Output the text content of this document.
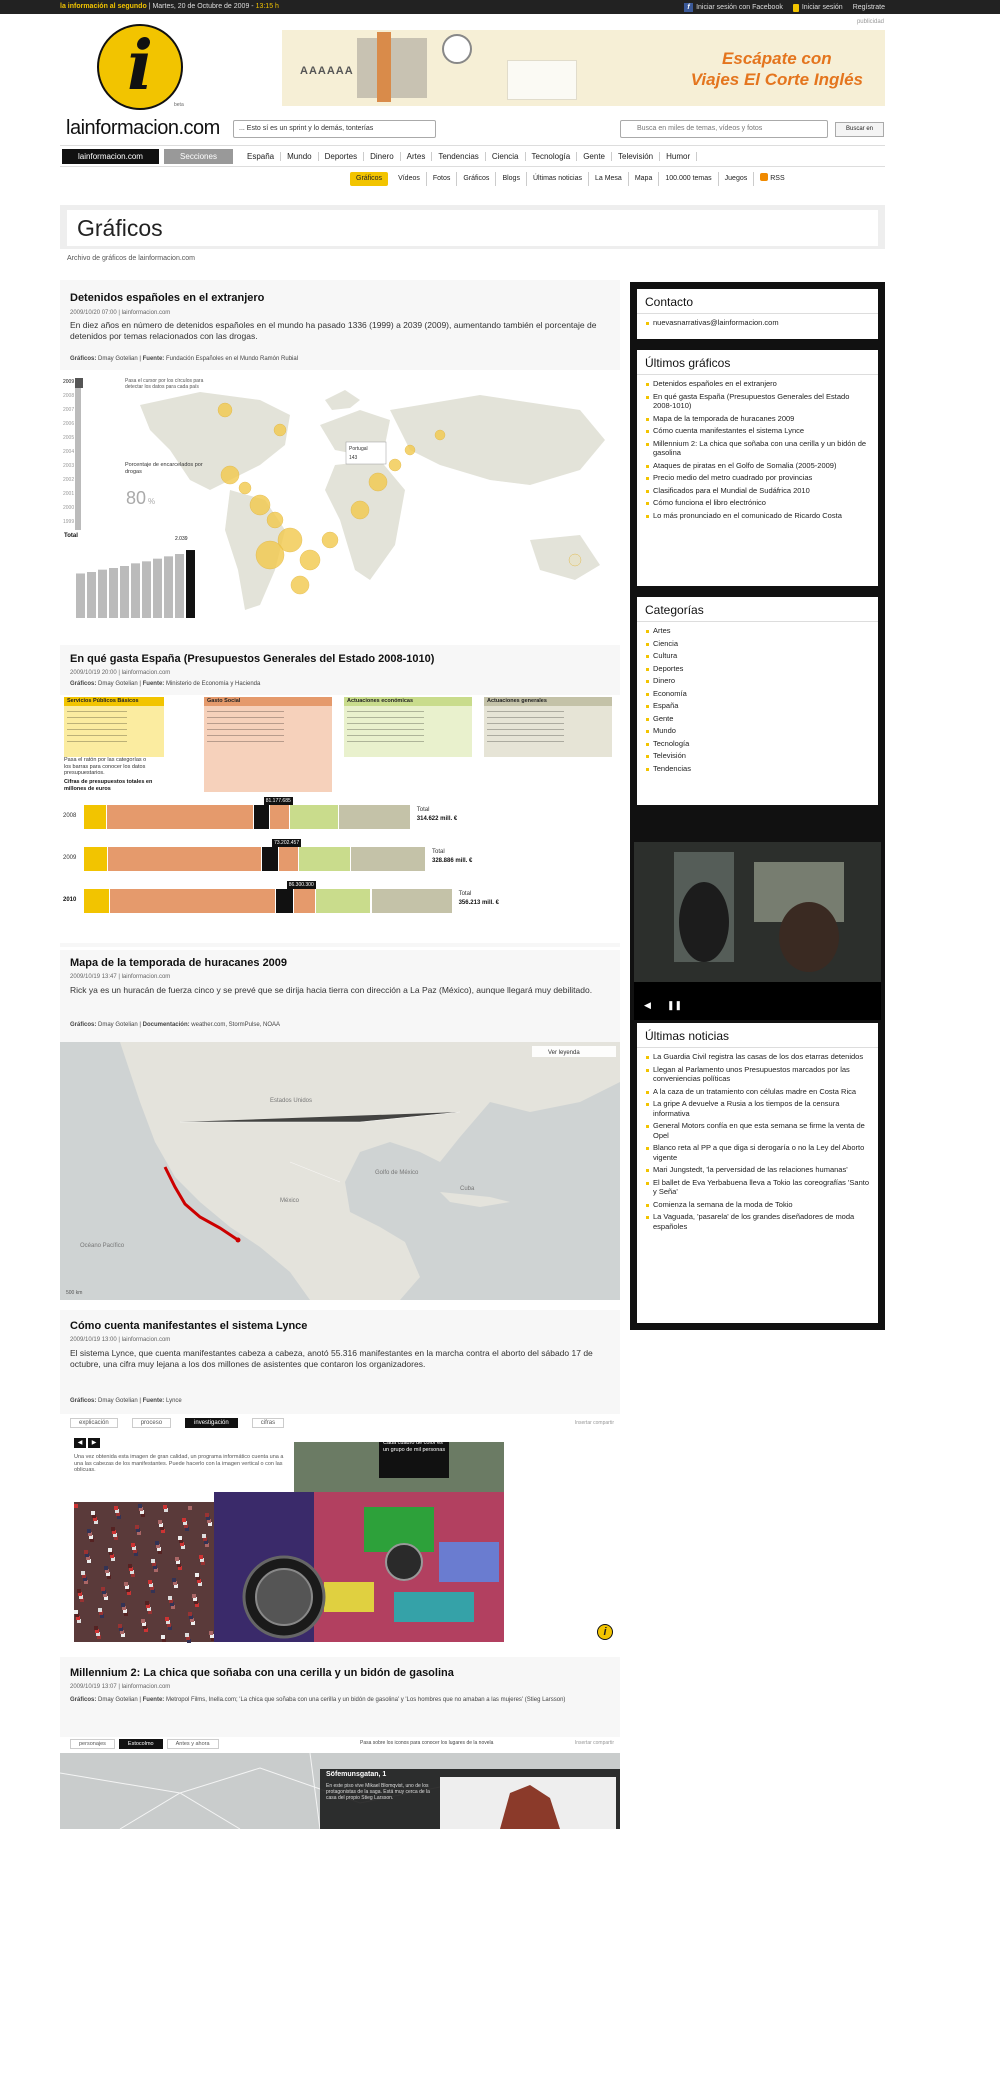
la información al segundo | Martes, 20 de Octubre de 2009 - 13:15 h	f Iniciar sesión con Facebook	Iniciar sesión Regístrate
publicidad
i	beta
AAAAAA
Escápate con
Viajes El Corte Inglés
lainformacion.com	... Esto sí es un sprint y lo demás, tonterías	Busca en miles de temas, vídeos y fotos	Buscar en
lainformacion.com	Secciones	España	Mundo	Deportes	Dinero	Artes	Tendencias	Ciencia	Tecnología	Gente	Televisión	Humor
Gráficos	Vídeos	Fotos	Gráficos	Blogs	Últimas noticias	La Mesa	Mapa	100.000 temas	Juegos	RSS
Gráficos
Archivo de gráficos de lainformacion.com
Detenidos españoles en el extranjero
2009/10/20 07:00 | lainformacion.com
En diez años en número de detenidos españoles en el mundo ha pasado 1336 (1999) a 2039 (2009), aumentando también el porcentaje de detenidos por temas relacionados con las drogas.
Gráficos: Dmay Gotelian | Fuente: Fundación Españoles en el Mundo Ramón Rubial
2009
2008
2007
2006
2005
2004
2003
2002
2001
2000
1999
Pasa el cursor por los círculos para detectar los datos para cada país
Porcentaje de encarcelados por drogas
80 %
Total	2.039
Portugal
143
En qué gasta España (Presupuestos Generales del Estado 2008-1010)
2009/10/19 20:00 | lainformacion.com
Gráficos: Dmay Gotelian | Fuente: Ministerio de Economía y Hacienda
Servicios Públicos Básicos	Gasto Social	Actuaciones económicas	Actuaciones generales
Pasa el ratón por las categorías o los barras para conocer los datos presupuestarios.
Cifras de presupuestos totales en millones de euros
2008
81.177.685
Total
314.622 mill. €
2009
73.202.457
Total
328.886 mill. €
2010
86.300.300
Total
356.213 mill. €
Mapa de la temporada de huracanes 2009
2009/10/19 13:47 | lainformacion.com
Rick ya es un huracán de fuerza cinco y se prevé que se dirija hacia tierra con dirección a La Paz (México), aunque llegará muy debilitado.
Gráficos: Dmay Gotelian | Documentación: weather.com, StormPulse, NOAA
Ver leyenda
Golfo de México
Océano Pacífico
Estados Unidos
México
Cuba
500 km
Cómo cuenta manifestantes el sistema Lynce
2009/10/19 13:00 | lainformacion.com
El sistema Lynce, que cuenta manifestantes cabeza a cabeza, anotó 55.316 manifestantes en la marcha contra el aborto del sábado 17 de octubre, una cifra muy lejana a los dos millones de asistentes que contaron los organizadores.
Gráficos: Dmay Gotelian | Fuente: Lynce
explicación	proceso	investigación	cifras	Insertar compartir
◀	▶
Una vez obtenida esta imagen de gran calidad, un programa informático cuenta una a una las cabezas de los manifestantes. Puede hacerlo con la imagen vertical o con las oblicuas.
Cada cuadro de color es un grupo de mil personas
i
Millennium 2: La chica que soñaba con una cerilla y un bidón de gasolina
2009/10/19 13:07 | lainformacion.com
Gráficos: Dmay Gotelian | Fuente: Metropol Films, Inella.com; 'La chica que soñaba con una cerilla y un bidón de gasolina' y 'Los hombres que no amaban a las mujeres' (Stieg Larsson)
personajes	Estocolmo	Antes y ahora	Pasa sobre los iconos para conocer los lugares de la novela	Insertar compartir
Söfemunsgatan, 1
En este piso vive Mikael Blomqvist, uno de los protagonistas de la saga. Está muy cerca de la casa del propio Stieg Larsson.
Contacto
nuevasnarrativas@lainformacion.com
Últimos gráficos
Detenidos españoles en el extranjero
En qué gasta España (Presupuestos Generales del Estado 2008-1010)
Mapa de la temporada de huracanes 2009
Cómo cuenta manifestantes el sistema Lynce
Millennium 2: La chica que soñaba con una cerilla y un bidón de gasolina
Ataques de piratas en el Golfo de Somalia (2005-2009)
Precio medio del metro cuadrado por provincias
Clasificados para el Mundial de Sudáfrica 2010
Cómo funciona el libro electrónico
Lo más pronunciado en el comunicado de Ricardo Costa
Categorías
Artes
Ciencia
Cultura
Deportes
Dinero
Economía
España
Gente
Mundo
Tecnología
Televisión
Tendencias
◀ ❚❚
Últimas noticias
La Guardia Civil registra las casas de los dos etarras detenidos
Llegan al Parlamento unos Presupuestos marcados por las conveniencias políticas
A la caza de un tratamiento con células madre en Costa Rica
La gripe A devuelve a Rusia a los tiempos de la censura informativa
General Motors confía en que esta semana se firme la venta de Opel
Blanco reta al PP a que diga si derogaría o no la Ley del Aborto vigente
Mari Jungstedt, 'la perversidad de las relaciones humanas'
El ballet de Eva Yerbabuena lleva a Tokio las coreografías 'Santo y Seña'
Comienza la semana de la moda de Tokio
La Vaguada, 'pasarela' de los grandes diseñadores de moda españoles
